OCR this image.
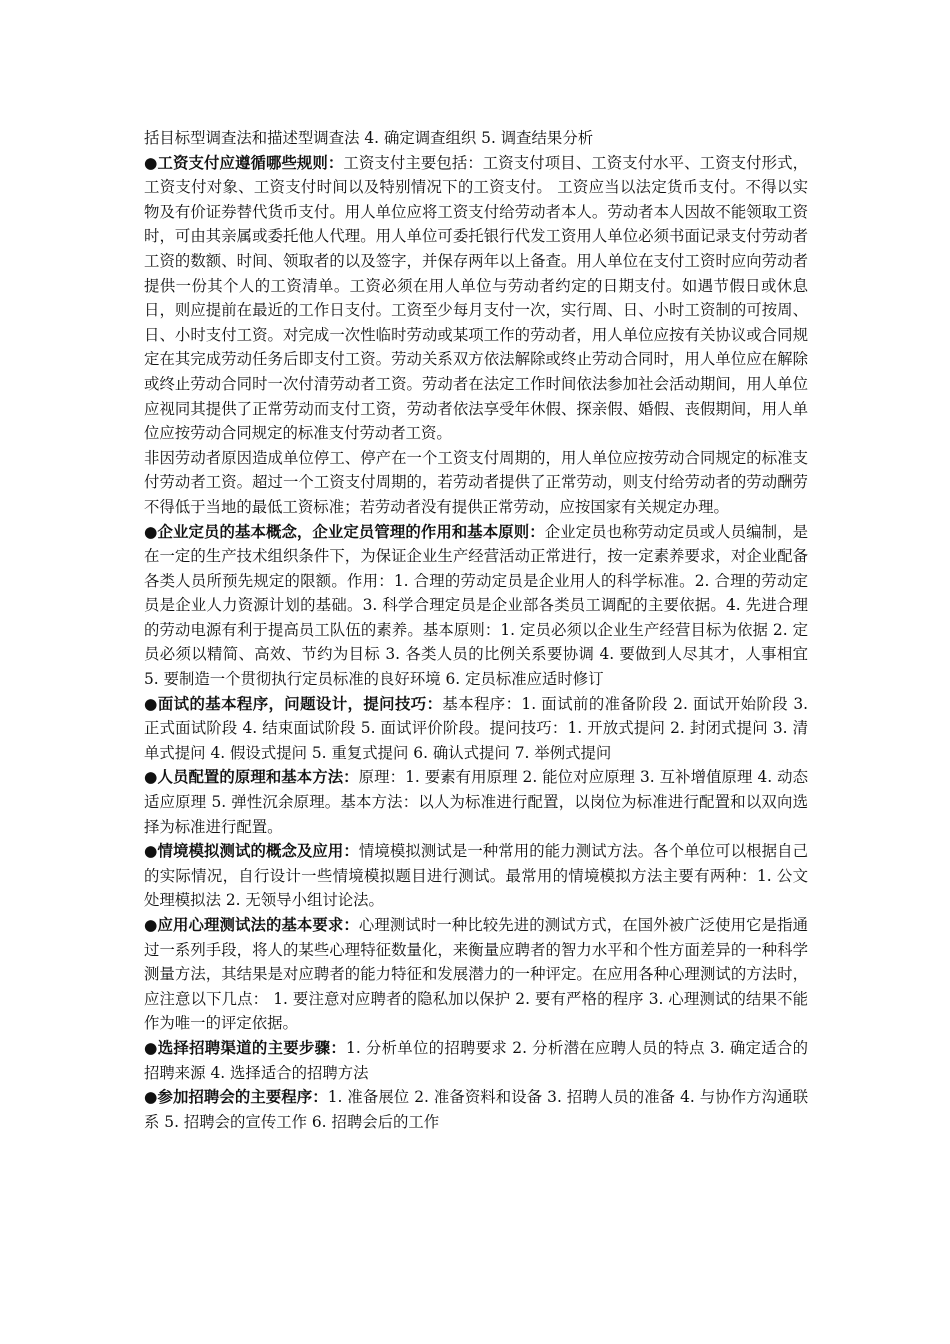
括目标型调查法和描述型调查法 4. 确定调查组织 5. 调查结果分析

●工资支付应遵循哪些规则：工资支付主要包括：工资支付项目、工资支付水平、工资支付形式，工资支付对象、工资支付时间以及特别情况下的工资支付。 工资应当以法定货币支付。不得以实物及有价证券替代货币支付。用人单位应将工资支付给劳动者本人。劳动者本人因故不能领取工资时，可由其亲属或委托他人代理。用人单位可委托银行代发工资用人单位必须书面记录支付劳动者工资的数额、时间、领取者的以及签字，并保存两年以上备查。用人单位在支付工资时应向劳动者提供一份其个人的工资清单。工资必须在用人单位与劳动者约定的日期支付。如遇节假日或休息日，则应提前在最近的工作日支付。工资至少每月支付一次，实行周、日、小时工资制的可按周、日、小时支付工资。对完成一次性临时劳动或某项工作的劳动者，用人单位应按有关协议或合同规定在其完成劳动任务后即支付工资。劳动关系双方依法解除或终止劳动合同时，用人单位应在解除或终止劳动合同时一次付清劳动者工资。劳动者在法定工作时间依法参加社会活动期间，用人单位应视同其提供了正常劳动而支付工资，劳动者依法享受年休假、探亲假、婚假、丧假期间，用人单位应按劳动合同规定的标准支付劳动者工资。

非因劳动者原因造成单位停工、停产在一个工资支付周期的，用人单位应按劳动合同规定的标准支付劳动者工资。超过一个工资支付周期的，若劳动者提供了正常劳动，则支付给劳动者的劳动酬劳不得低于当地的最低工资标准；若劳动者没有提供正常劳动，应按国家有关规定办理。

●企业定员的基本概念，企业定员管理的作用和基本原则：企业定员也称劳动定员或人员编制，是在一定的生产技术组织条件下，为保证企业生产经营活动正常进行，按一定素养要求，对企业配备各类人员所预先规定的限额。作用：1. 合理的劳动定员是企业用人的科学标准。2. 合理的劳动定员是企业人力资源计划的基础。3. 科学合理定员是企业部各类员工调配的主要依据。4. 先进合理的劳动电源有利于提高员工队伍的素养。基本原则：1. 定员必须以企业生产经营目标为依据 2. 定员必须以精简、高效、节约为目标 3. 各类人员的比例关系要协调 4. 要做到人尽其才，人事相宜 5. 要制造一个贯彻执行定员标准的良好环境 6. 定员标准应适时修订

●面试的基本程序，问题设计，提问技巧：基本程序：1. 面试前的准备阶段 2. 面试开始阶段 3. 正式面试阶段 4. 结束面试阶段 5. 面试评价阶段。提问技巧：1. 开放式提问 2. 封闭式提问 3. 清单式提问 4. 假设式提问 5. 重复式提问 6. 确认式提问 7. 举例式提问

●人员配置的原理和基本方法：原理：1. 要素有用原理 2. 能位对应原理 3. 互补增值原理 4. 动态适应原理 5. 弹性沉余原理。基本方法：以人为标准进行配置，以岗位为标准进行配置和以双向选择为标准进行配置。

●情境模拟测试的概念及应用：情境模拟测试是一种常用的能力测试方法。各个单位可以根据自己的实际情况，自行设计一些情境模拟题目进行测试。最常用的情境模拟方法主要有两种：1. 公文处理模拟法 2. 无领导小组讨论法。

●应用心理测试法的基本要求：心理测试时一种比较先进的测试方式，在国外被广泛使用它是指通过一系列手段，将人的某些心理特征数量化，来衡量应聘者的智力水平和个性方面差异的一种科学测量方法，其结果是对应聘者的能力特征和发展潜力的一种评定。在应用各种心理测试的方法时，应注意以下几点： 1. 要注意对应聘者的隐私加以保护 2. 要有严格的程序 3. 心理测试的结果不能作为唯一的评定依据。

●选择招聘渠道的主要步骤：1. 分析单位的招聘要求 2. 分析潜在应聘人员的特点 3. 确定适合的招聘来源 4. 选择适合的招聘方法

●参加招聘会的主要程序：1. 准备展位 2. 准备资料和设备 3. 招聘人员的准备 4. 与协作方沟通联系 5. 招聘会的宣传工作 6. 招聘会后的工作
